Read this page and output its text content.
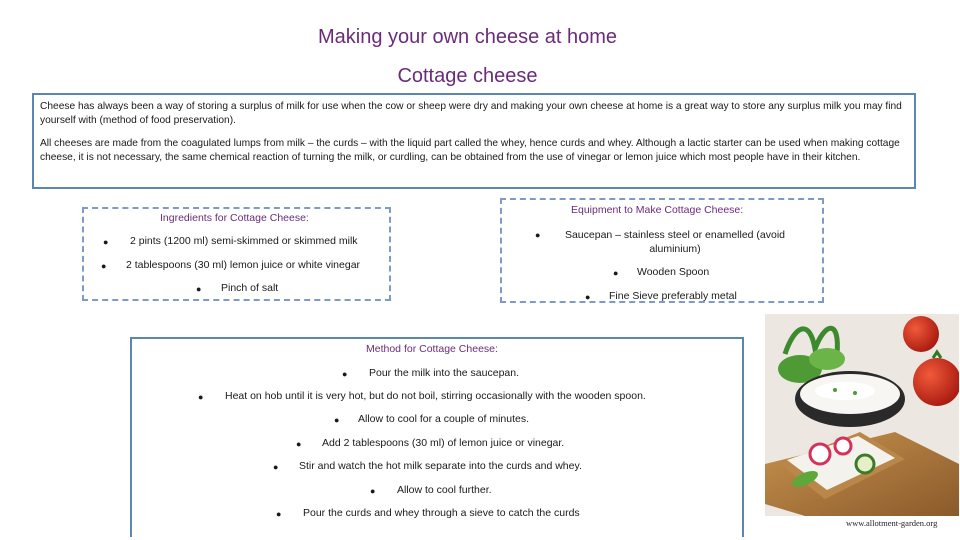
Making your own cheese at home
Cottage cheese

Cheese has always been a way of storing a surplus of milk for use when the cow or sheep were dry and making your own cheese at home is a great way to store any surplus milk you may find yourself with (method of food preservation).

All cheeses are made from the coagulated lumps from milk – the curds – with the liquid part called the whey, hence curds and whey. Although a lactic starter can be used when making cottage cheese, it is not necessary, the same chemical reaction of turning the milk, or curdling, can be obtained from the use of vinegar or lemon juice which most people have in their kitchen.

Ingredients for Cottage Cheese:
● 2 pints (1200 ml) semi-skimmed or skimmed milk
● 2 tablespoons (30 ml) lemon juice or white vinegar
● Pinch of salt
Equipment to Make Cottage Cheese:
●	Saucepan – stainless steel or enamelled (avoid aluminium)
● Wooden Spoon
● Fine Sieve preferably metal
Method for Cottage Cheese:
● Pour the milk into the saucepan.
● Heat on hob until it is very hot, but do not boil, stirring occasionally with the wooden spoon.
● Allow to cool for a couple of minutes.
● Add 2 tablespoons (30 ml) of lemon juice or vinegar.
● Stir and watch the hot milk separate into the curds and whey.
● Allow to cool further.
● Pour the curds and whey through a sieve to catch the curds
www.allotment-garden.org
